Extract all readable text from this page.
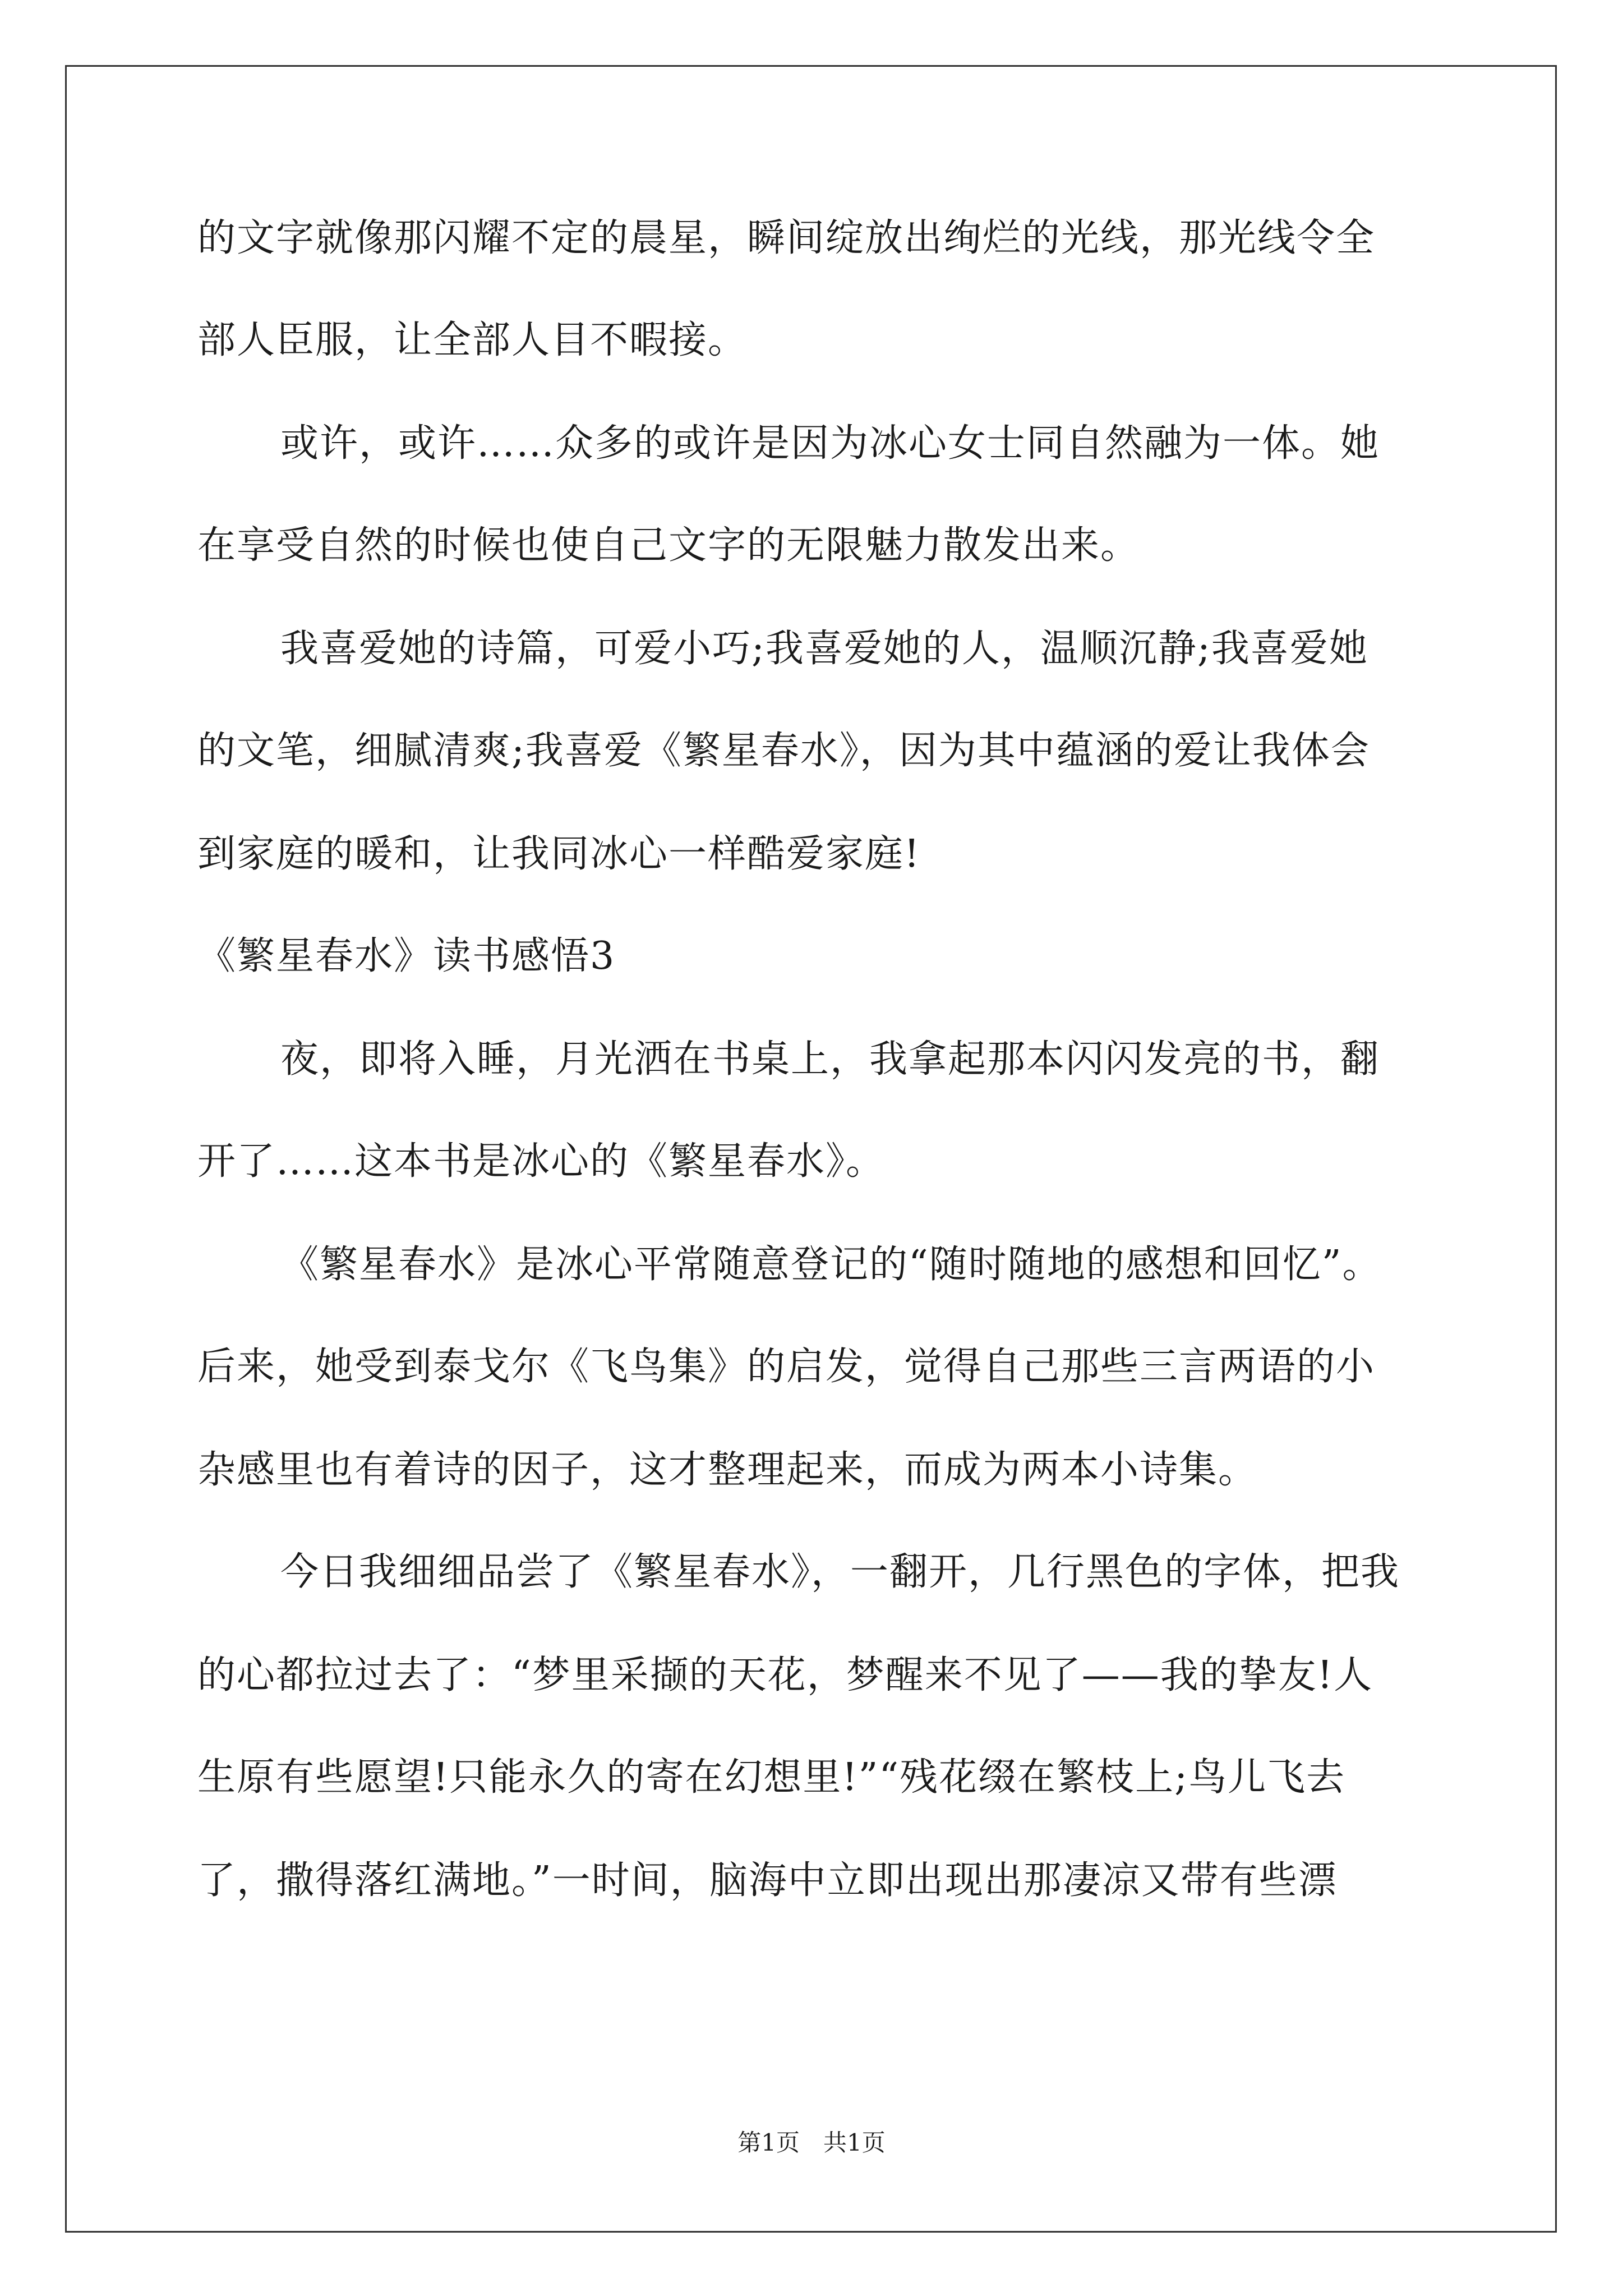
的文字就像那闪耀不定的晨星，瞬间绽放出绚烂的光线，那光线令全
部人臣服，让全部人目不暇接。
或许，或许……众多的或许是因为冰心女士同自然融为一体。她
在享受自然的时候也使自己文字的无限魅力散发出来。
我喜爱她的诗篇，可爱小巧;我喜爱她的人，温顺沉静;我喜爱她
的文笔，细腻清爽;我喜爱《繁星春水》，因为其中蕴涵的爱让我体会
到家庭的暖和，让我同冰心一样酷爱家庭!
《繁星春水》读书感悟3
夜，即将入睡，月光洒在书桌上，我拿起那本闪闪发亮的书，翻
开了……这本书是冰心的《繁星春水》。
《繁星春水》是冰心平常随意登记的“随时随地的感想和回忆”。
后来，她受到泰戈尔《飞鸟集》的启发，觉得自己那些三言两语的小
杂感里也有着诗的因子，这才整理起来，而成为两本小诗集。
今日我细细品尝了《繁星春水》，一翻开，几行黑色的字体，把我
的心都拉过去了：“梦里采撷的天花，梦醒来不见了——我的挚友!人
生原有些愿望!只能永久的寄在幻想里!”“残花缀在繁枝上;鸟儿飞去
了，撒得落红满地。”一时间，脑海中立即出现出那凄凉又带有些漂
第1页　共1页
